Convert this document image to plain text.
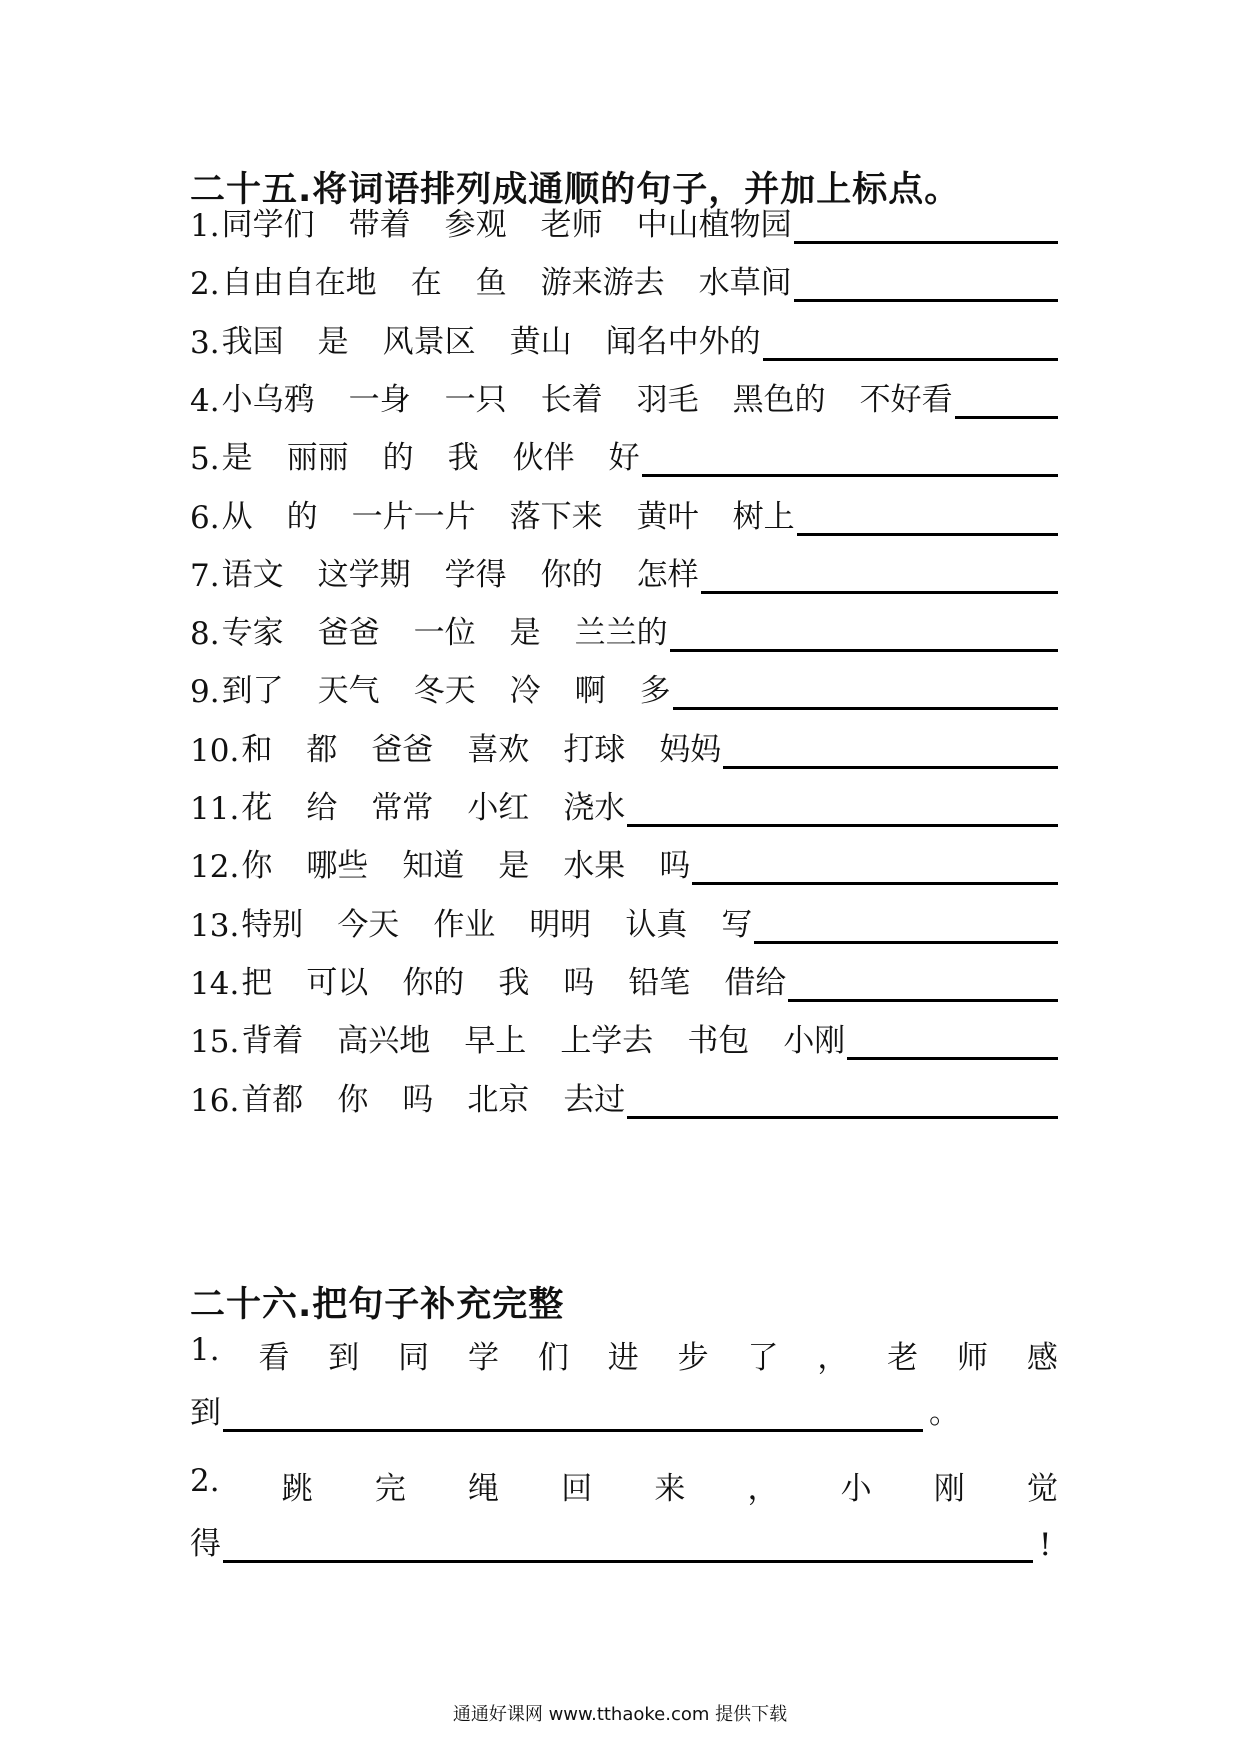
二十五.将词语排列成通顺的句子，并加上标点。
1. 同学们 带着 参观 老师 中山植物园
2. 自由自在地 在 鱼 游来游去 水草间
3. 我国 是 风景区 黄山 闻名中外的
4. 小乌鸦 一身 一只 长着 羽毛 黑色的 不好看
5. 是 丽丽 的 我 伙伴 好
6. 从 的 一片一片 落下来 黄叶 树上
7. 语文 这学期 学得 你的 怎样
8. 专家 爸爸 一位 是 兰兰的
9. 到了 天气 冬天 冷 啊 多
10. 和 都 爸爸 喜欢 打球 妈妈
11. 花 给 常常 小红 浇水
12. 你 哪些 知道 是 水果 吗
13. 特别 今天 作业 明明 认真 写
14. 把 可以 你的 我 吗 铅笔 借给
15. 背着 高兴地 早上 上学去 书包 小刚
16. 首都 你 吗 北京 去过
二十六.把句子补充完整
1. 看 到 同 学 们 进 步 了 ， 老 师 感
到	。
2. 跳 完 绳 回 来 ， 小 刚 觉
得	!
通通好课网 www.tthaoke.com 提供下载
